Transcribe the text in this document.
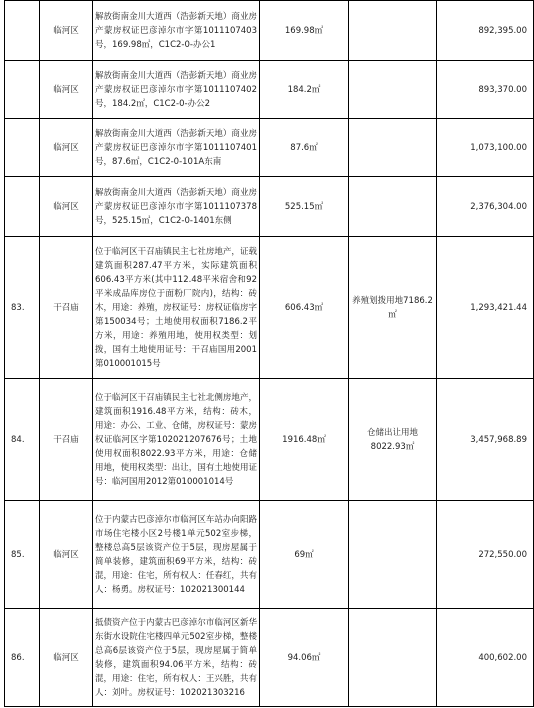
	临河区	解放街南金川大道西（浩彭新天地）商业房产蒙房权证巴彦淖尔市字第1011107403号，169.98㎡，C1C2-0-办公1	169.98㎡		892,395.00
	临河区	解放街南金川大道西（浩彭新天地）商业房产蒙房权证巴彦淖尔市字第1011107402号，184.2㎡，C1C2-0-办公2	184.2㎡		893,370.00
	临河区	解放街南金川大道西（浩彭新天地）商业房产蒙房权证巴彦淖尔市字第1011107401号，87.6㎡，C1C2-0-101A东南	87.6㎡		1,073,100.00
	临河区	解放街南金川大道西（浩彭新天地）商业房产蒙房权证巴彦淖尔市字第1011107378号，525.15㎡，C1C2-0-1401东侧	525.15㎡		2,376,304.00
83.	干召庙	位于临河区干召庙镇民主七社房地产，证载建筑面积287.47平方米，实际建筑面积606.43平方米(其中112.48平米宿舍和92平米成品库房位于面粉厂院内)，结构：砖木，用途：养殖，房权证号：房权证临房字第150034号；土地使用权面积7186.2平方米，用途：养殖用地，使用权类型：划拨，国有土地使用证号：干召庙国用2001第010001015号	606.43㎡	养殖划拨用地7186.2㎡	1,293,421.44
84.	干召庙	位于临河区干召庙镇民主七社北侧房地产，建筑面积1916.48平方米，结构：砖木，用途：办公、工业、仓储，房权证号：蒙房权证临河区字第102021207676号；土地使用权面积8022.93平方米，用途：仓储用地，使用权类型：出让，国有土地使用证号：临河国用2012第010001014号	1916.48㎡	仓储出让用地8022.93㎡	3,457,968.89
85.	临河区	位于内蒙古巴彦淖尔市临河区车站办向阳路市场住宅楼小区2号楼1单元502室步梯，整楼总高5层该资产位于5层，现房屋属于简单装修，建筑面积69平方米，结构：砖混，用途：住宅，所有权人：任春红，共有人：杨勇。房权证号：102021300144	69㎡		272,550.00
86.	临河区	抵债资产位于内蒙古巴彦淖尔市临河区新华东街水设院住宅楼四单元502室步梯，整楼总高6层该资产位于5层，现房屋属于简单装修，建筑面积94.06平方米，结构：砖混，用途：住宅，所有权人：王兴胜，共有人：刘叶。房权证号：102021303216	94.06㎡		400,602.00
